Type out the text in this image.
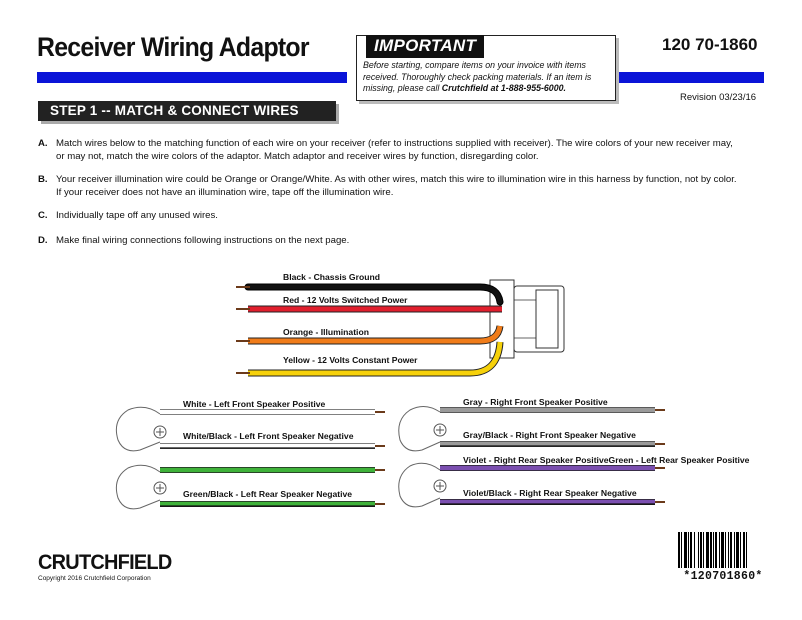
Receiver Wiring Adaptor	120 70-1860
IMPORTANT
Before starting, compare items on your invoice with items received. Thoroughly check packing materials. If an item is missing, please call Crutchfield at 1-888-955-6000.
Revision 03/23/16
STEP 1 -- MATCH & CONNECT WIRES
A. Match wires below to the matching function of each wire on your receiver (refer to instructions supplied with receiver). The wire colors of your new receiver may, or may not, match the wire colors of the adaptor. Match adaptor and receiver wires by function, disregarding color.
B. Your receiver illumination wire could be Orange or Orange/White. As with other wires, match this wire to illumination wire in this harness by function, not by color. If your receiver does not have an illumination wire, tape off the illumination wire.
C. Individually tape off any unused wires.
D. Make final wiring connections following instructions on the next page.
Black - Chassis Ground
Red - 12 Volts Switched Power
Orange - Illumination
Yellow - 12 Volts Constant Power
White - Left Front Speaker Positive
White/Black - Left Front Speaker Negative
Gray - Right Front Speaker Positive
Gray/Black - Right Front Speaker Negative
Green/Black - Left Rear Speaker Negative
Violet - Right Rear Speaker PositiveGreen - Left Rear Speaker Positive
Violet/Black - Right Rear Speaker Negative
CRUTCHFIELD
Copyright 2016 Crutchfield Corporation	*120701860*
